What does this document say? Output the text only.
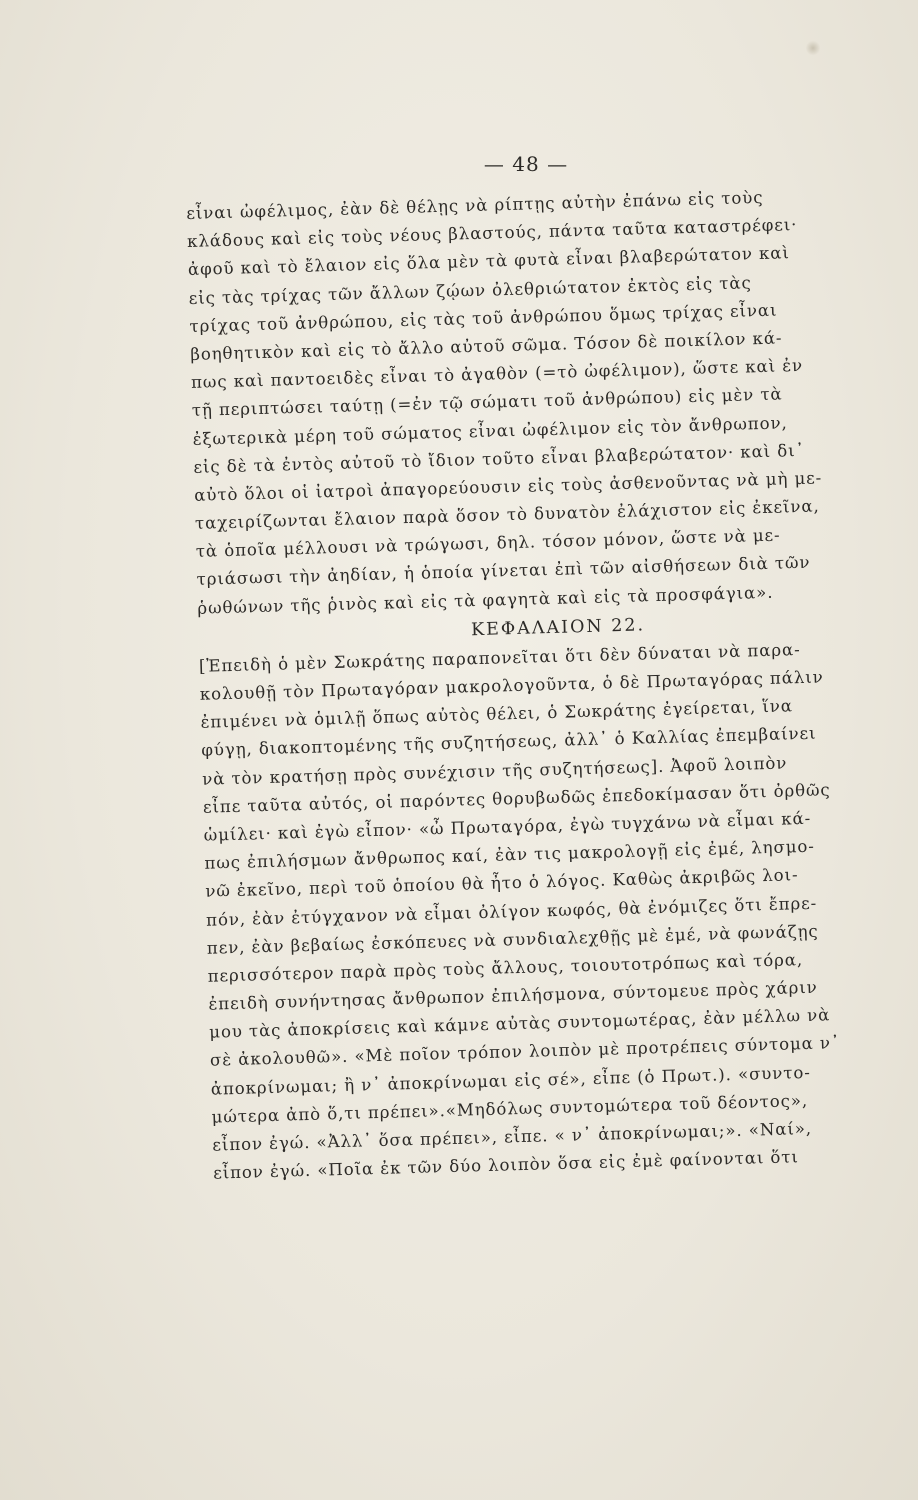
— 48 —
εἶναι ὠφέλιμος, ἐὰν δὲ θέλῃς νὰ ρίπτῃς αὐτὴν ἐπάνω εἰς τοὺς
κλάδους καὶ εἰς τοὺς νέους βλαστούς, πάντα ταῦτα καταστρέφει·
ἀφοῦ καὶ τὸ ἔλαιον εἰς ὅλα μὲν τὰ φυτὰ εἶναι βλαβερώτατον καὶ
εἰς τὰς τρίχας τῶν ἄλλων ζῴων ὀλεθριώτατον ἐκτὸς εἰς τὰς
τρίχας τοῦ ἀνθρώπου, εἰς τὰς τοῦ ἀνθρώπου ὅμως τρίχας εἶναι
βοηθητικὸν καὶ εἰς τὸ ἄλλο αὐτοῦ σῶμα. Τόσον δὲ ποικίλον κά-
πως καὶ παντοειδὲς εἶναι τὸ ἀγαθὸν (=τὸ ὠφέλιμον), ὥστε καὶ ἐν
τῇ περιπτώσει ταύτῃ (=ἐν τῷ σώματι τοῦ ἀνθρώπου) εἰς μὲν τὰ
ἐξωτερικὰ μέρη τοῦ σώματος εἶναι ὠφέλιμον εἰς τὸν ἄνθρωπον,
εἰς δὲ τὰ ἐντὸς αὐτοῦ τὸ ἴδιον τοῦτο εἶναι βλαβερώτατον· καὶ δι᾽
αὐτὸ ὅλοι οἱ ἰατροὶ ἀπαγορεύουσιν εἰς τοὺς ἀσθενοῦντας νὰ μὴ με-
ταχειρίζωνται ἔλαιον παρὰ ὅσον τὸ δυνατὸν ἐλάχιστον εἰς ἐκεῖνα,
τὰ ὁποῖα μέλλουσι νὰ τρώγωσι, δηλ. τόσον μόνον, ὥστε νὰ με-
τριάσωσι τὴν ἀηδίαν, ἡ ὁποία γίνεται ἐπὶ τῶν αἰσθήσεων διὰ τῶν
ῥωθώνων τῆς ῥινὸς καὶ εἰς τὰ φαγητὰ καὶ εἰς τὰ προσφάγια».
ΚΕΦΑΛΑΙΟΝ 22.
[Ἐπειδὴ ὁ μὲν Σωκράτης παραπονεῖται ὅτι δὲν δύναται νὰ παρα-
κολουθῇ τὸν Πρωταγόραν μακρολογοῦντα, ὁ δὲ Πρωταγόρας πάλιν
ἐπιμένει νὰ ὁμιλῇ ὅπως αὐτὸς θέλει, ὁ Σωκράτης ἐγείρεται, ἵνα
φύγῃ, διακοπτομένης τῆς συζητήσεως, ἀλλ᾽ ὁ Καλλίας ἐπεμβαίνει
νὰ τὸν κρατήσῃ πρὸς συνέχισιν τῆς συζητήσεως]. Ἀφοῦ λοιπὸν
εἶπε ταῦτα αὐτός, οἱ παρόντες θορυβωδῶς ἐπεδοκίμασαν ὅτι ὀρθῶς
ὡμίλει· καὶ ἐγὼ εἶπον· «ὦ Πρωταγόρα, ἐγὼ τυγχάνω νὰ εἶμαι κά-
πως ἐπιλήσμων ἄνθρωπος καί, ἐὰν τις μακρολογῇ εἰς ἐμέ, λησμο-
νῶ ἐκεῖνο, περὶ τοῦ ὁποίου θὰ ἦτο ὁ λόγος. Καθὼς ἀκριβῶς λοι-
πόν, ἐὰν ἐτύγχανον νὰ εἶμαι ὀλίγον κωφός, θὰ ἐνόμιζες ὅτι ἔπρε-
πεν, ἐὰν βεβαίως ἐσκόπευες νὰ συνδιαλεχθῇς μὲ ἐμέ, νὰ φωνάζῃς
περισσότερον παρὰ πρὸς τοὺς ἄλλους, τοιουτοτρόπως καὶ τόρα,
ἐπειδὴ συνήντησας ἄνθρωπον ἐπιλήσμονα, σύντομευε πρὸς χάριν
μου τὰς ἀποκρίσεις καὶ κάμνε αὐτὰς συντομωτέρας, ἐὰν μέλλω νὰ
σὲ ἀκολουθῶ». «Μὲ ποῖον τρόπον λοιπὸν μὲ προτρέπεις σύντομα ν᾽
ἀποκρίνωμαι; ἢ ν᾽ ἀποκρίνωμαι εἰς σέ», εἶπε (ὁ Πρωτ.). «συντο-
μώτερα ἀπὸ ὅ,τι πρέπει».«Μηδόλως συντομώτερα τοῦ δέοντος»,
εἶπον ἐγώ. «Ἀλλ᾽ ὅσα πρέπει», εἶπε. « ν᾽ ἀποκρίνωμαι;». «Ναί»,
εἶπον ἐγώ. «Ποῖα ἐκ τῶν δύο λοιπὸν ὅσα εἰς ἐμὲ φαίνονται ὅτι
